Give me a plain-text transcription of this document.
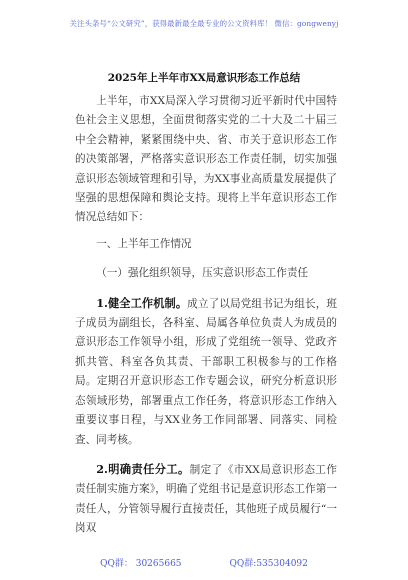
关注头条号“公文研究”，获得最新最全最专业的公文资料库！ 微信：gongwenyj
2025年上半年市XX局意识形态工作总结

上半年，市XX局深入学习贯彻习近平新时代中国特色社会主义思想，全面贯彻落实党的二十大及二十届三中全会精神，紧紧围绕中央、省、市关于意识形态工作的决策部署，严格落实意识形态工作责任制，切实加强意识形态领域管理和引导，为XX事业高质量发展提供了坚强的思想保障和舆论支持。现将上半年意识形态工作情况总结如下：

一、上半年工作情况

（一）强化组织领导，压实意识形态工作责任

1.健全工作机制。成立了以局党组书记为组长，班子成员为副组长，各科室、局属各单位负责人为成员的意识形态工作领导小组，形成了党组统一领导、党政齐抓共管、科室各负其责、干部职工积极参与的工作格局。定期召开意识形态工作专题会议，研究分析意识形态领域形势，部署重点工作任务，将意识形态工作纳入重要议事日程，与XX业务工作同部署、同落实、同检查、同考核。

2.明确责任分工。制定了《市XX局意识形态工作责任制实施方案》，明确了党组书记是意识形态工作第一责任人，分管领导履行直接责任，其他班子成员履行“一岗双

QQ群： 30265665	QQ群:535304092
